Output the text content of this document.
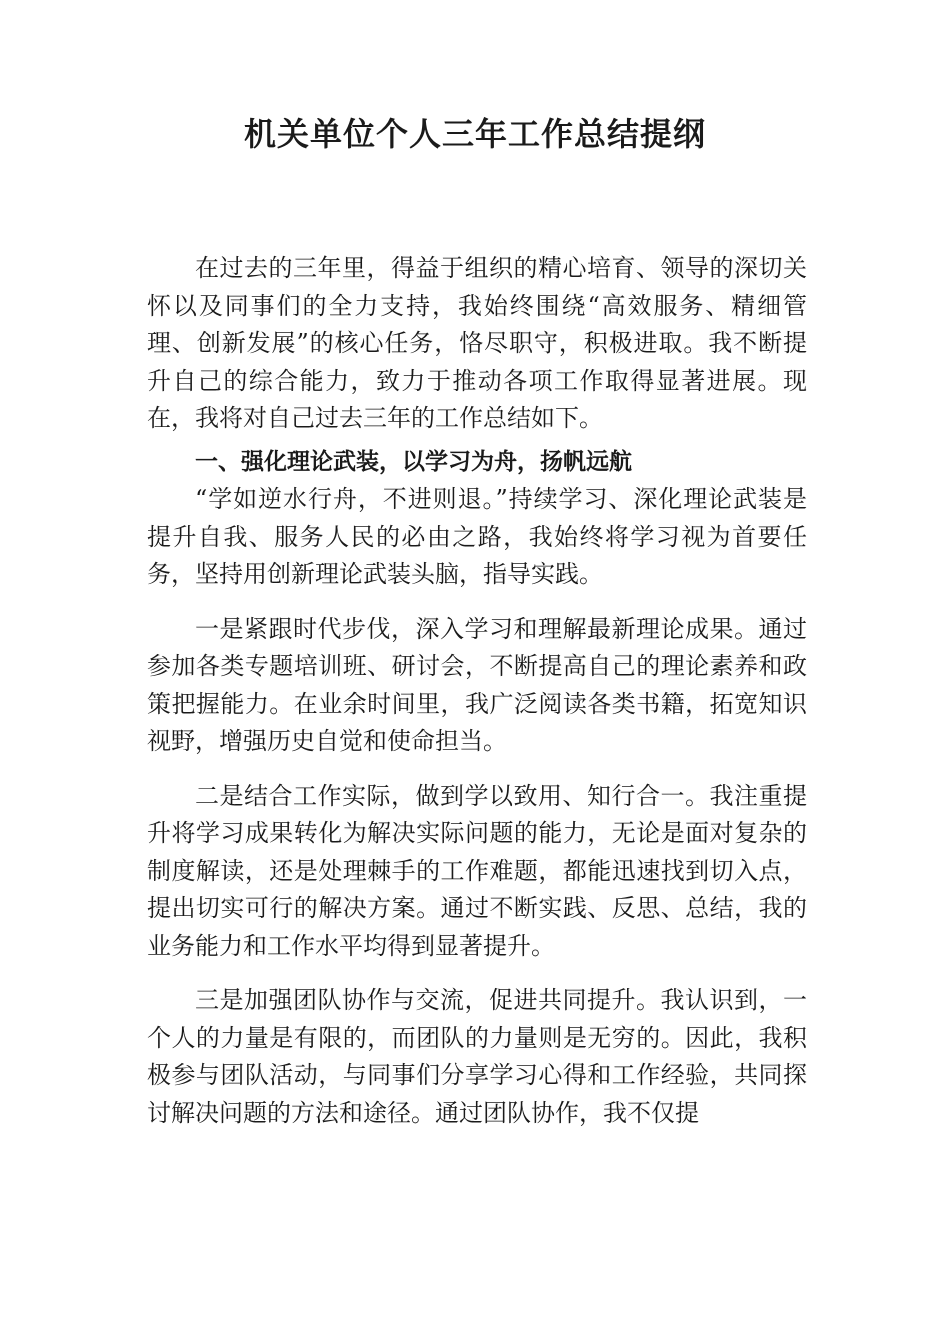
机关单位个人三年工作总结提纲

在过去的三年里，得益于组织的精心培育、领导的深切关怀以及同事们的全力支持，我始终围绕“高效服务、精细管理、创新发展”的核心任务，恪尽职守，积极进取。我不断提升自己的综合能力，致力于推动各项工作取得显著进展。现在，我将对自己过去三年的工作总结如下。

一、强化理论武装，以学习为舟，扬帆远航

“学如逆水行舟，不进则退。”持续学习、深化理论武装是提升自我、服务人民的必由之路，我始终将学习视为首要任务，坚持用创新理论武装头脑，指导实践。

一是紧跟时代步伐，深入学习和理解最新理论成果。通过参加各类专题培训班、研讨会，不断提高自己的理论素养和政策把握能力。在业余时间里，我广泛阅读各类书籍，拓宽知识视野，增强历史自觉和使命担当。

二是结合工作实际，做到学以致用、知行合一。我注重提升将学习成果转化为解决实际问题的能力，无论是面对复杂的制度解读，还是处理棘手的工作难题，都能迅速找到切入点，提出切实可行的解决方案。通过不断实践、反思、总结，我的业务能力和工作水平均得到显著提升。

三是加强团队协作与交流，促进共同提升。我认识到，一个人的力量是有限的，而团队的力量则是无穷的。因此，我积极参与团队活动，与同事们分享学习心得和工作经验，共同探讨解决问题的方法和途径。通过团队协作，我不仅提
